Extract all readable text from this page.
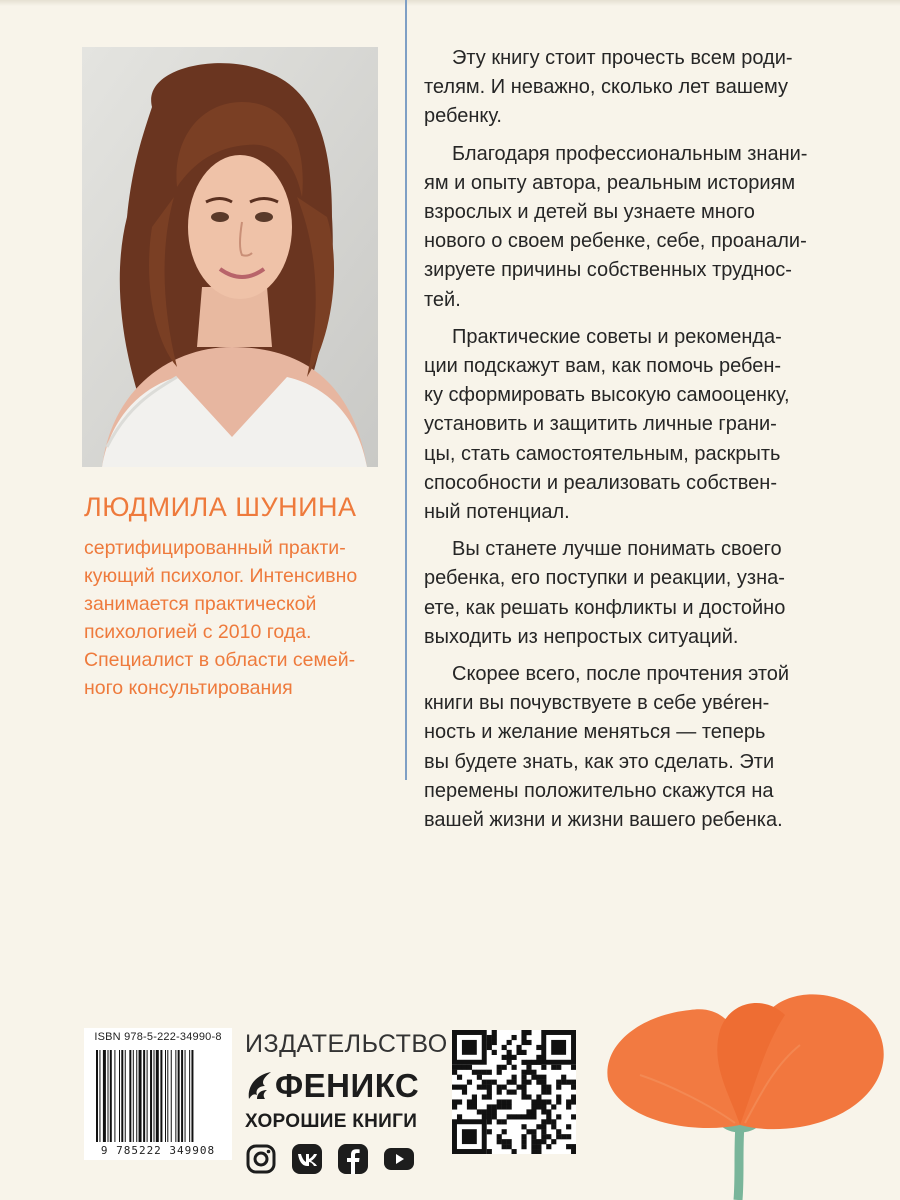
ЛЮДМИЛА ШУНИНА
сертифицированный практи-
кующий психолог. Интенсивно
занимается практической
психологией с 2010 года.
Специалист в области семей-
ного консультирования
Эту книгу стоит прочесть всем роди-
телям. И неважно, сколько лет вашему
ребенку.
Благодаря профессиональным знани-
ям и опыту автора, реальным историям
взрослых и детей вы узнаете много
нового о своем ребенке, себе, проанали-
зируете причины собственных труднос-
тей.
Практические советы и рекоменда-
ции подскажут вам, как помочь ребен-
ку сформировать высокую самооценку,
установить и защитить личные грани-
цы, стать самостоятельным, раскрыть
способности и реализовать собствен-
ный потенциал.
Вы станете лучше понимать своего
ребенка, его поступки и реакции, узна-
ете, как решать конфликты и достойно
выходить из непростых ситуаций.
Скорее всего, после прочтения этой
книги вы почувствуете в себе увérен-
ность и желание меняться — теперь
вы будете знать, как это сделать. Эти
перемены положительно скажутся на
вашей жизни и жизни вашего ребенка.
ISBN 978-5-222-34990-8
9 785222 349908
ИЗДАТЕЛЬСТВО
ФЕНИКС
ХОРОШИЕ КНИГИ
